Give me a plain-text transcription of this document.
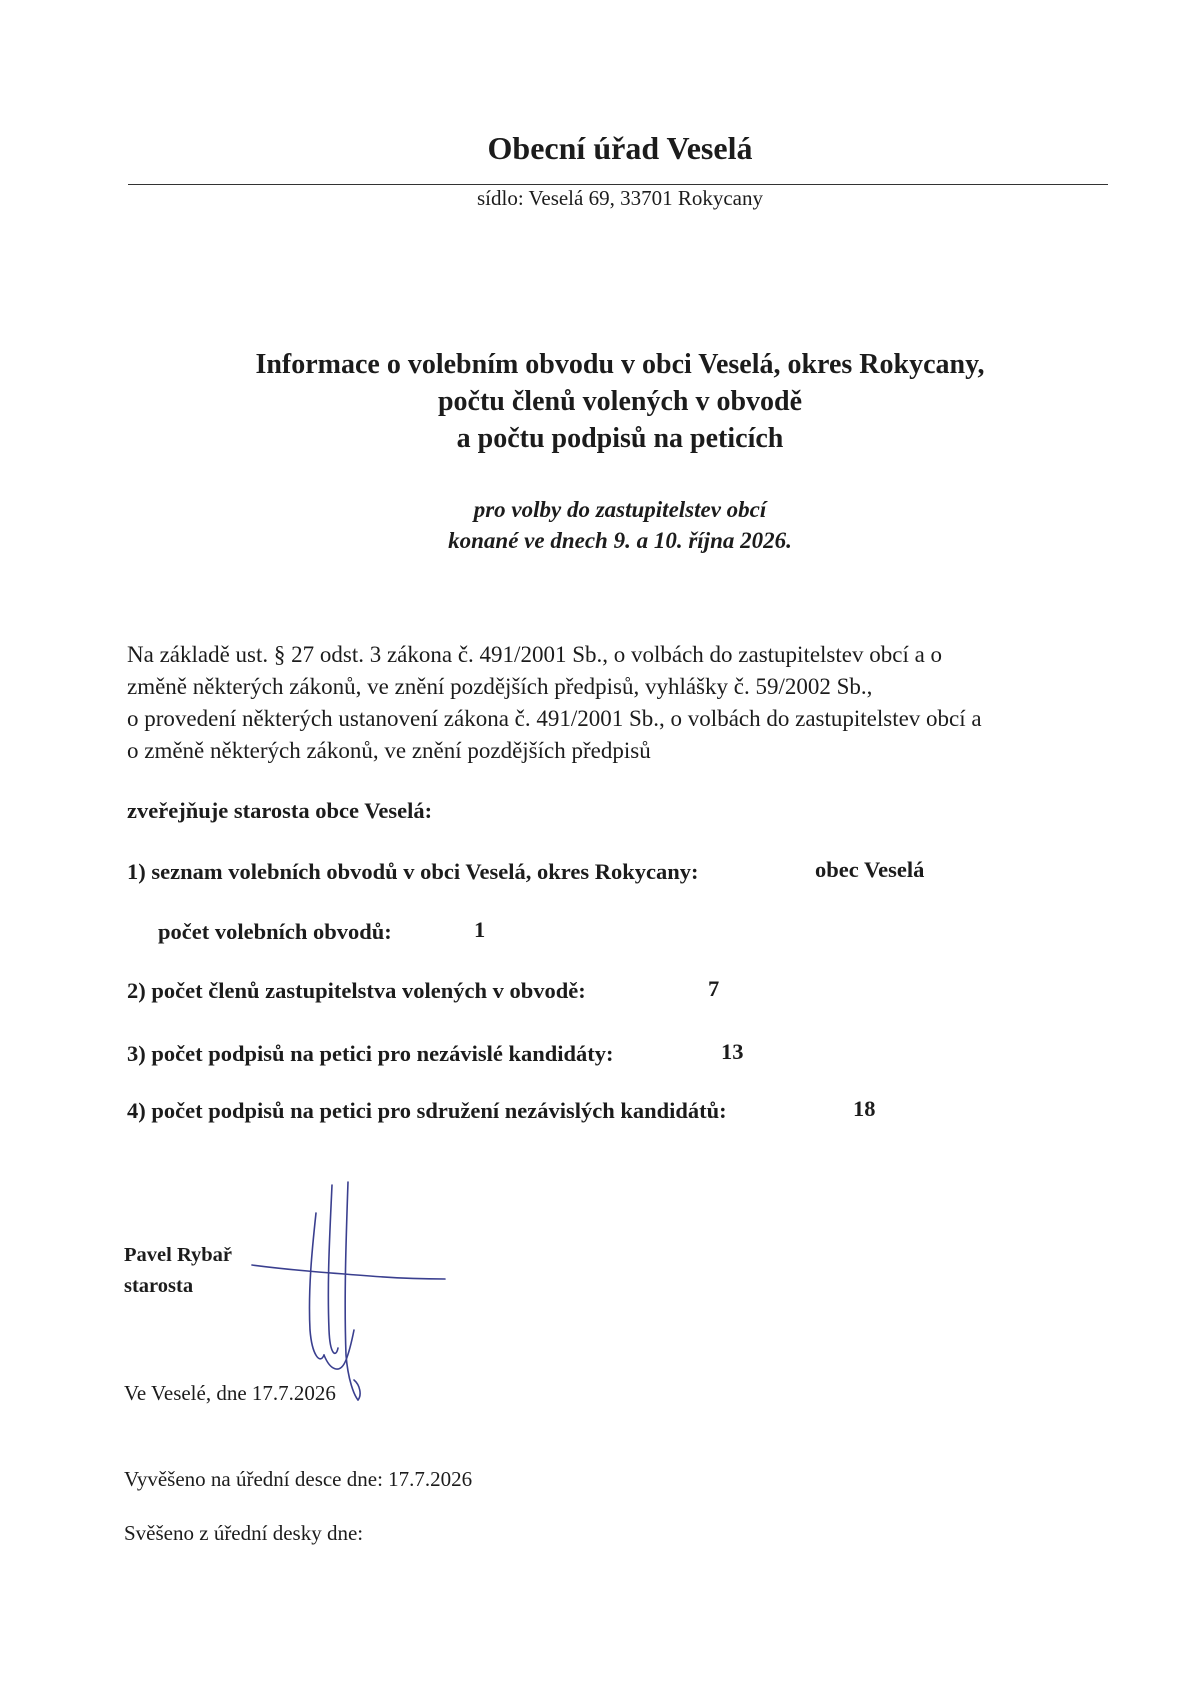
Obecní úřad Veselá
sídlo: Veselá 69, 33701 Rokycany
Informace o volebním obvodu v obci Veselá, okres Rokycany,
počtu členů volených v obvodě
a počtu podpisů na peticích
pro volby do zastupitelstev obcí
konané ve dnech 9. a 10. října 2026.
Na základě ust. § 27 odst. 3 zákona č. 491/2001 Sb., o volbách do zastupitelstev obcí a o
změně některých zákonů, ve znění pozdějších předpisů, vyhlášky č. 59/2002 Sb.,
o provedení některých ustanovení zákona č. 491/2001 Sb., o volbách do zastupitelstev obcí a
o změně některých zákonů, ve znění pozdějších předpisů
zveřejňuje starosta obce Veselá:
1) seznam volebních obvodů v obci Veselá, okres Rokycany:	obec Veselá
počet volebních obvodů:	1
2) počet členů zastupitelstva volených v obvodě:	7
3) počet podpisů na petici pro nezávislé kandidáty:	13
4) počet podpisů na petici pro sdružení nezávislých kandidátů:	18
Pavel Rybař
starosta
Ve Veselé, dne 17.7.2026
Vyvěšeno na úřední desce dne: 17.7.2026
Svěšeno z úřední desky dne:
